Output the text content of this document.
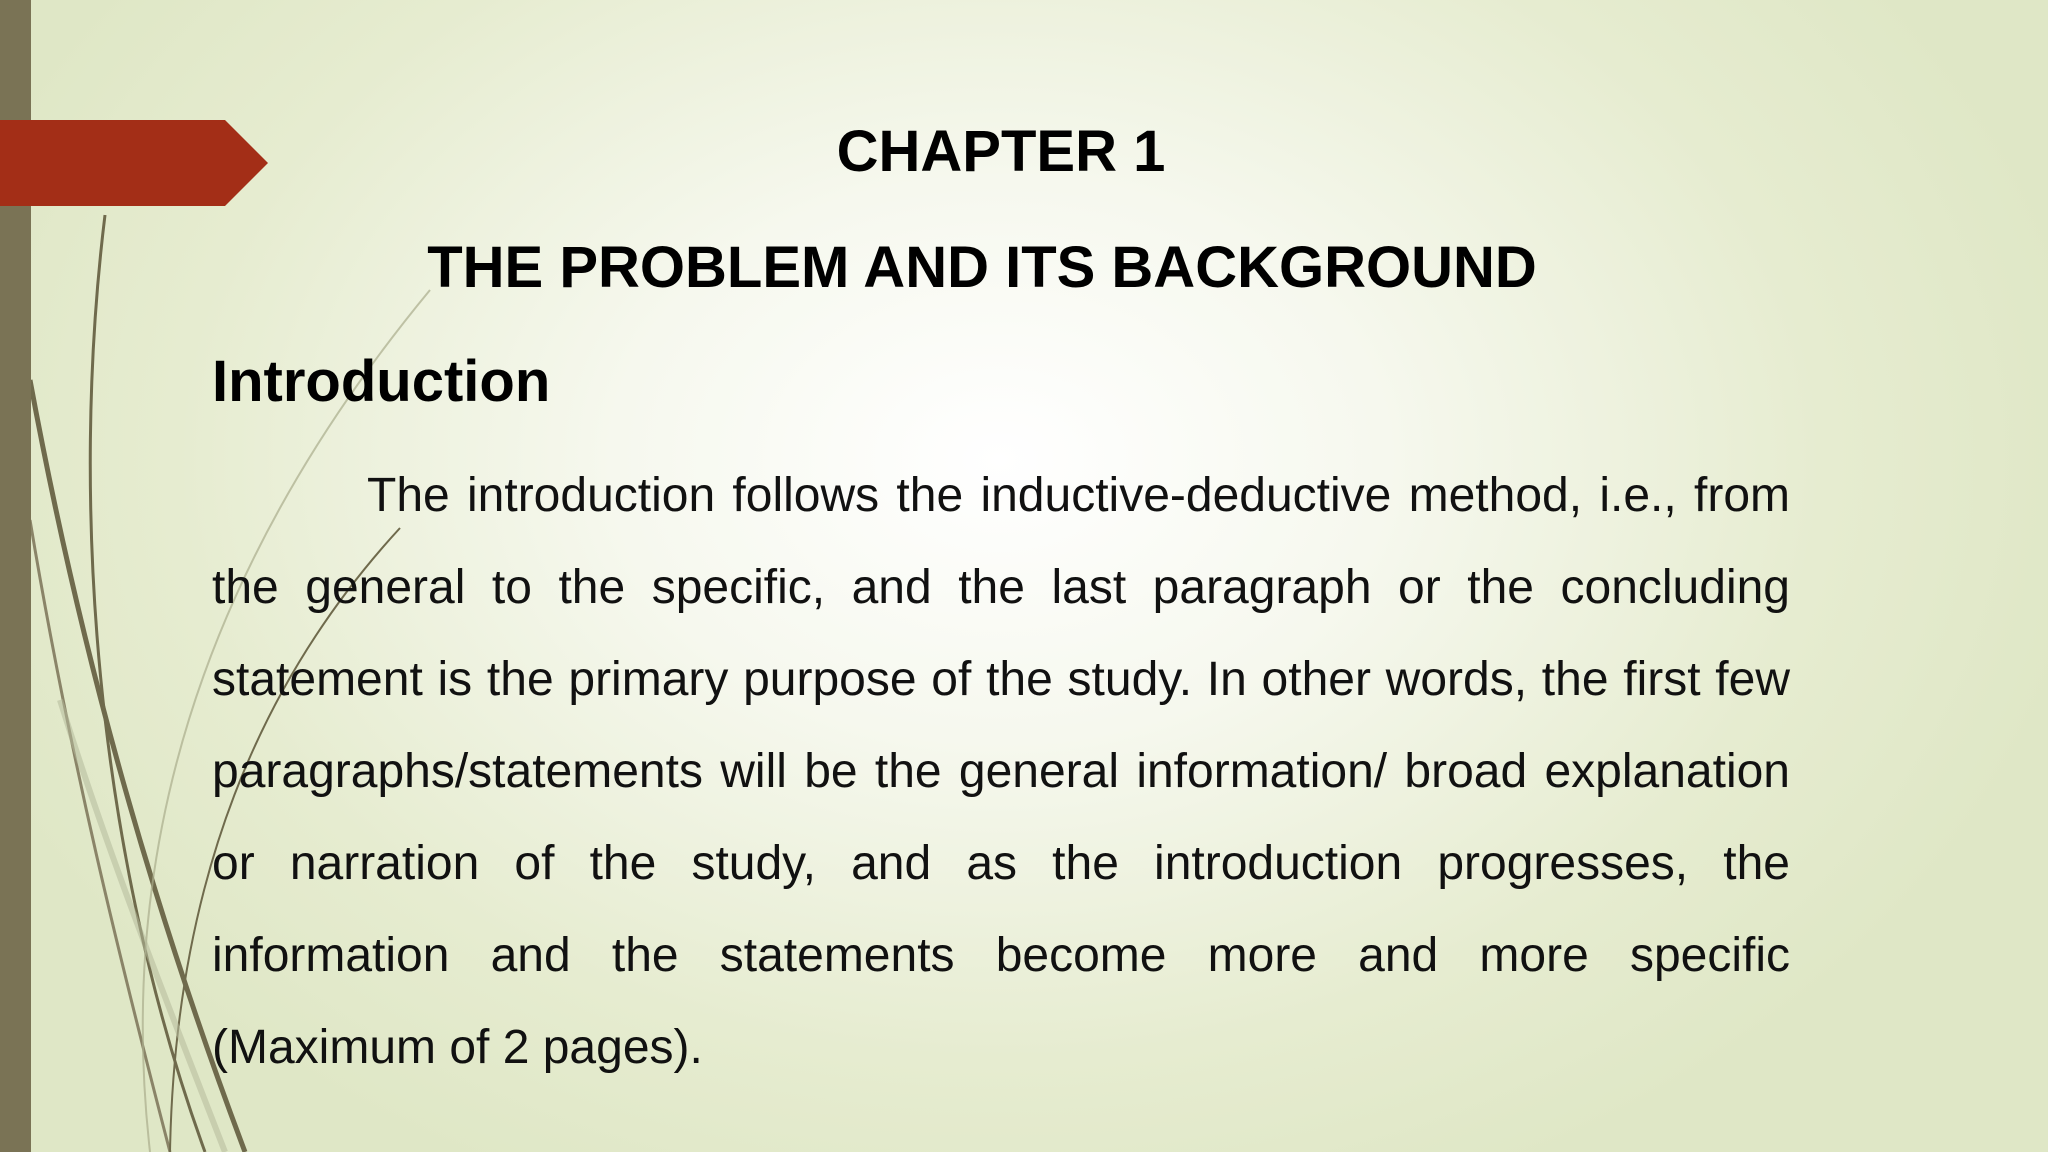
CHAPTER 1
THE PROBLEM AND ITS BACKGROUND
Introduction

The introduction follows the inductive-deductive method, i.e., from the general to the specific, and the last paragraph or the concluding statement is the primary purpose of the study. In other words, the first few paragraphs/statements will be the general information/ broad explanation or narration of the study, and as the introduction progresses, the information and the statements become more and more specific (Maximum of 2 pages).
